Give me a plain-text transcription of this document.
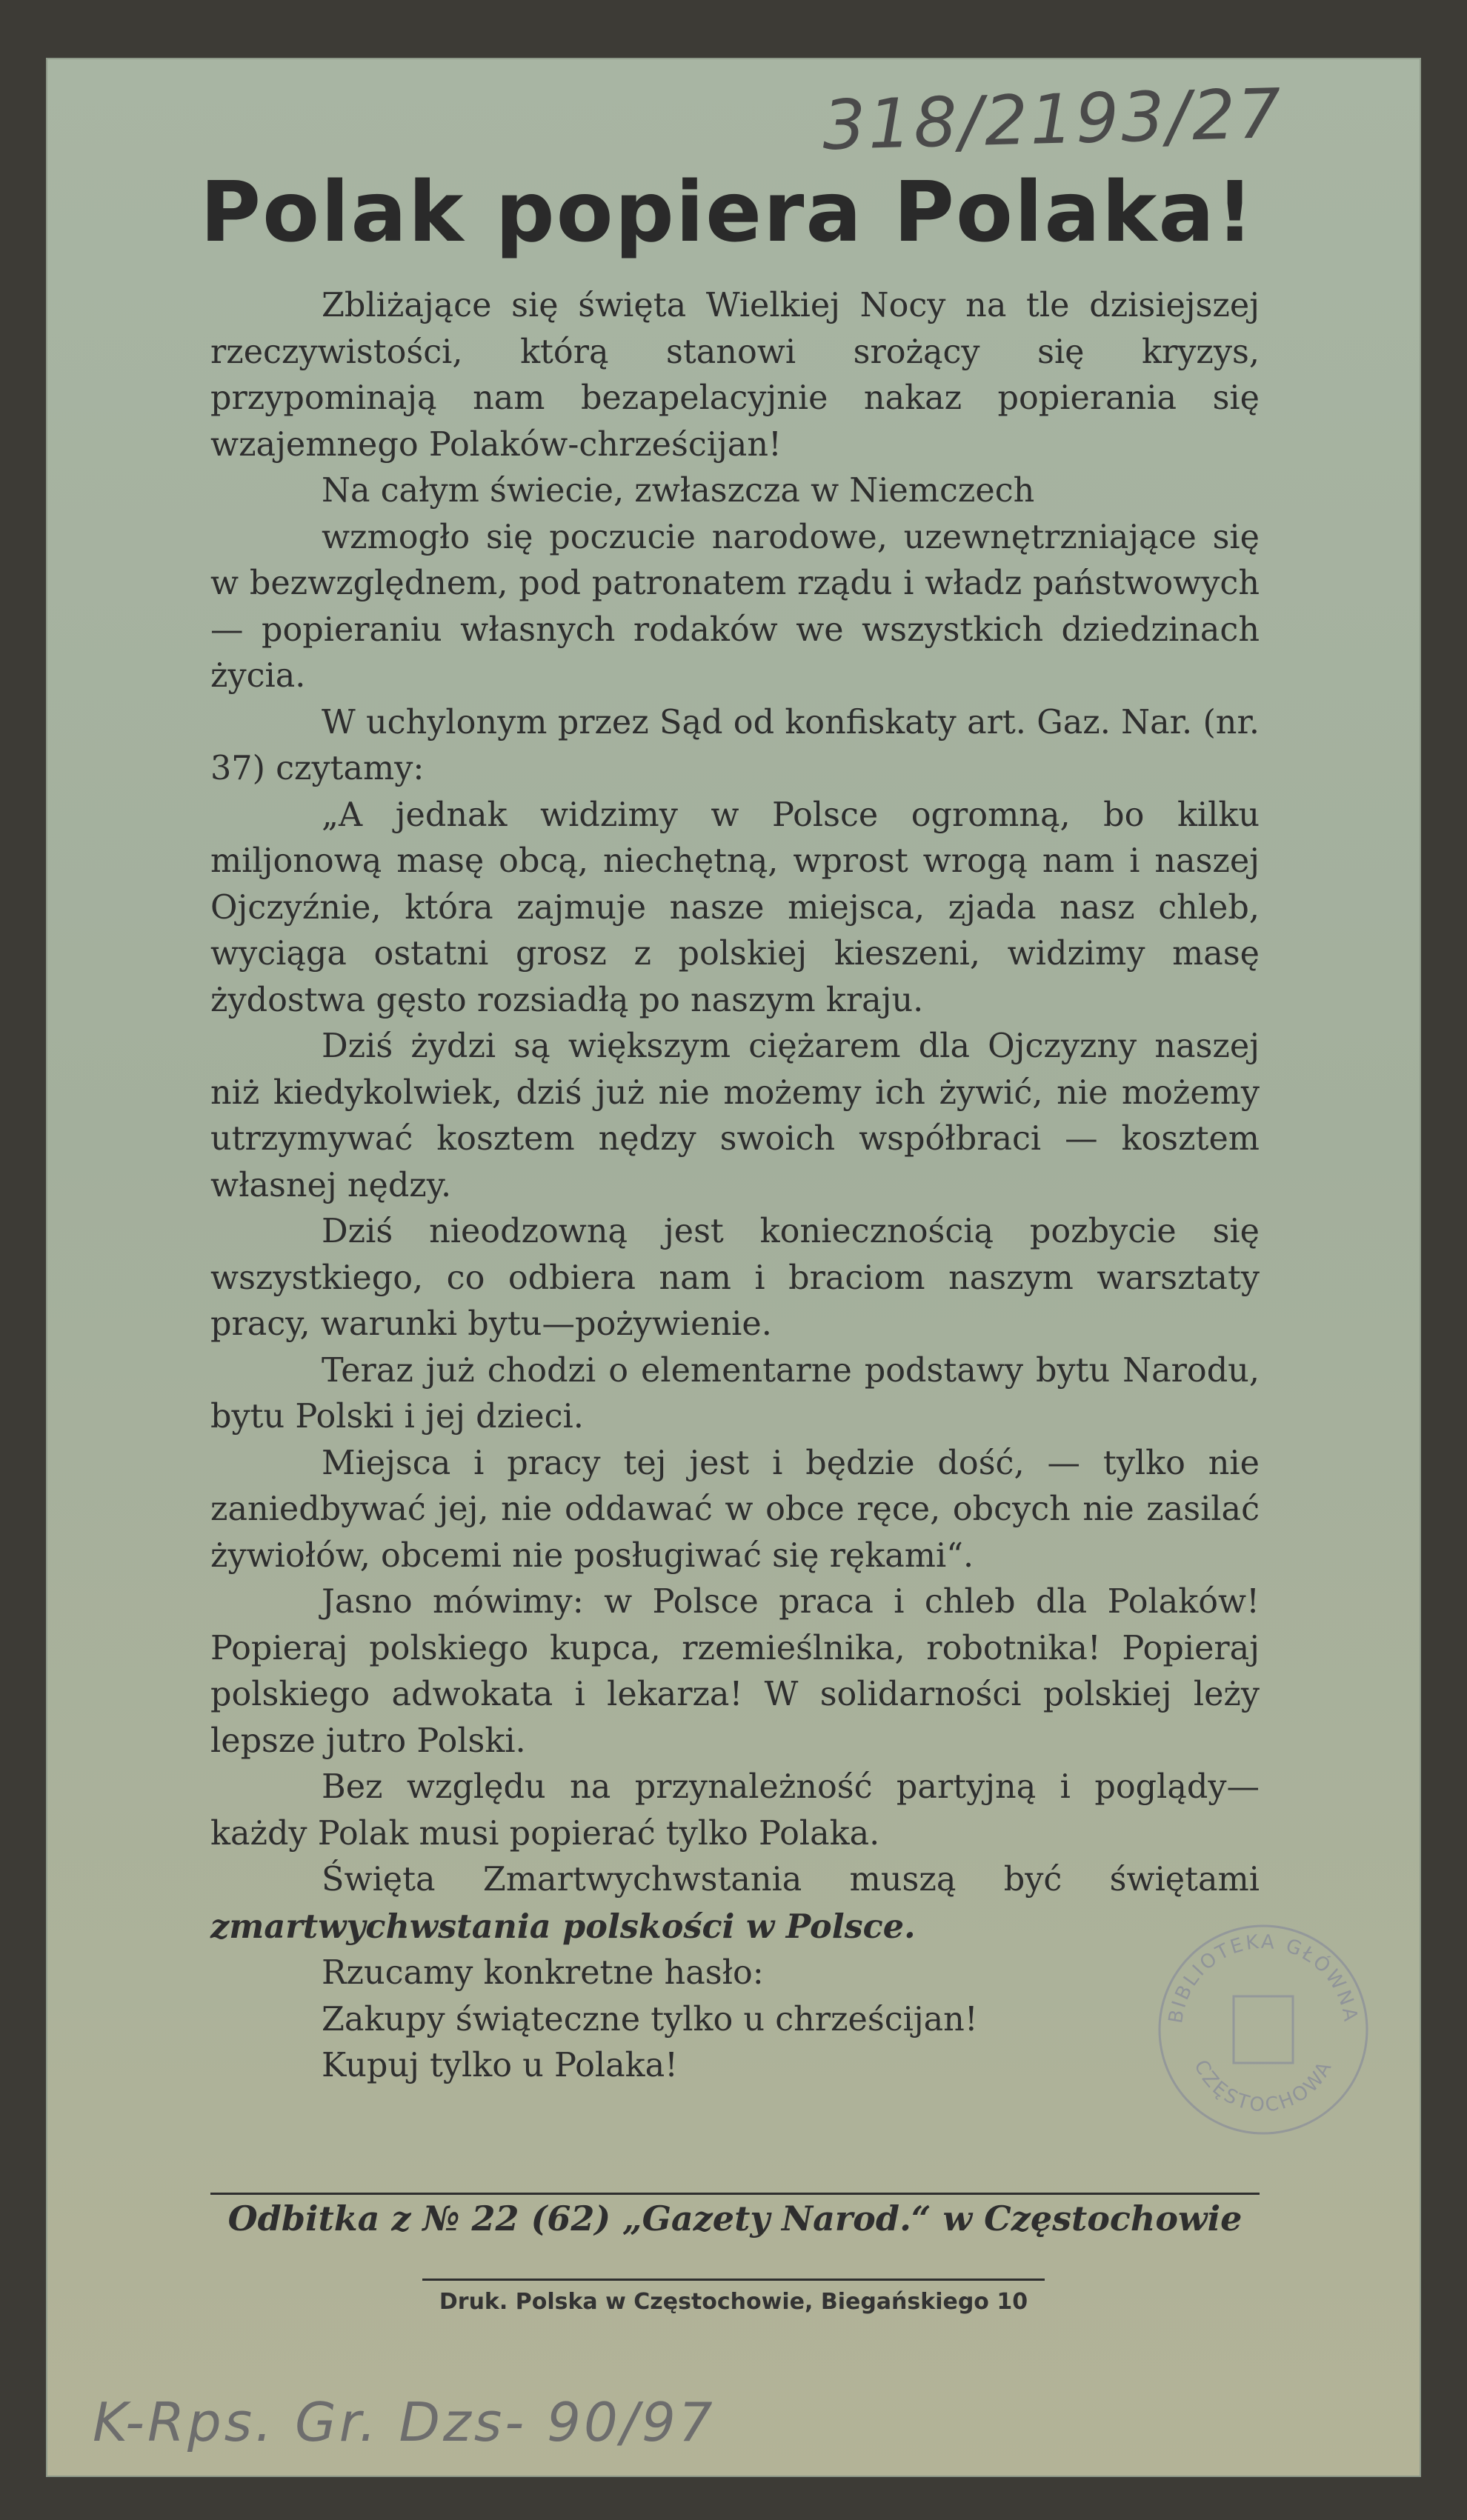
318/2193/27
Polak popiera Polaka!

Zbliżające się święta Wielkiej Nocy na tle dzisiejszej rzeczywistości, którą stanowi srożący się kryzys, przypominają nam bezapelacyjnie nakaz popierania się wzajemnego Polaków-chrześcijan!

Na całym świecie, zwłaszcza w Niemczech

wzmogło się poczucie narodowe, uzewnętrzniające się w bezwzględnem, pod patronatem rządu i władz państwowych — popieraniu własnych rodaków we wszystkich dziedzinach życia.

W uchylonym przez Sąd od konfiskaty art. Gaz. Nar. (nr. 37) czytamy:

„A jednak widzimy w Polsce ogromną, bo kilku miljonową masę obcą, niechętną, wprost wrogą nam i naszej Ojczyźnie, która zajmuje nasze miejsca, zjada nasz chleb, wyciąga ostatni grosz z polskiej kieszeni, widzimy masę żydostwa gęsto rozsiadłą po naszym kraju.

Dziś żydzi są większym ciężarem dla Ojczyzny naszej niż kiedykolwiek, dziś już nie możemy ich żywić, nie możemy utrzymywać kosztem nędzy swoich współbraci — kosztem własnej nędzy.

Dziś nieodzowną jest koniecznością pozbycie się wszystkiego, co odbiera nam i braciom naszym warsztaty pracy, warunki bytu—pożywienie.

Teraz już chodzi o elementarne podstawy bytu Narodu, bytu Polski i jej dzieci.

Miejsca i pracy tej jest i będzie dość, — tylko nie zaniedbywać jej, nie oddawać w obce ręce, obcych nie zasilać żywiołów, obcemi nie posługiwać się rękami“.

Jasno mówimy: w Polsce praca i chleb dla Polaków! Popieraj polskiego kupca, rzemieślnika, robotnika! Popieraj polskiego adwokata i lekarza! W solidarności polskiej leży lepsze jutro Polski.

Bez względu na przynależność partyjną i poglądy—każdy Polak musi popierać tylko Polaka.

Święta Zmartwychwstania muszą być świętami zmartwychwstania polskości w Polsce.

Rzucamy konkretne hasło:

Zakupy świąteczne tylko u chrześcijan!

Kupuj tylko u Polaka!

BIBLIOTEKA GŁÓWNA
CZĘSTOCHOWA
Odbitka z № 22 (62) „Gazety Narod.“ w Częstochowie
Druk. Polska w Częstochowie, Biegańskiego 10
K-Rps. Gr. Dzs- 90/97
